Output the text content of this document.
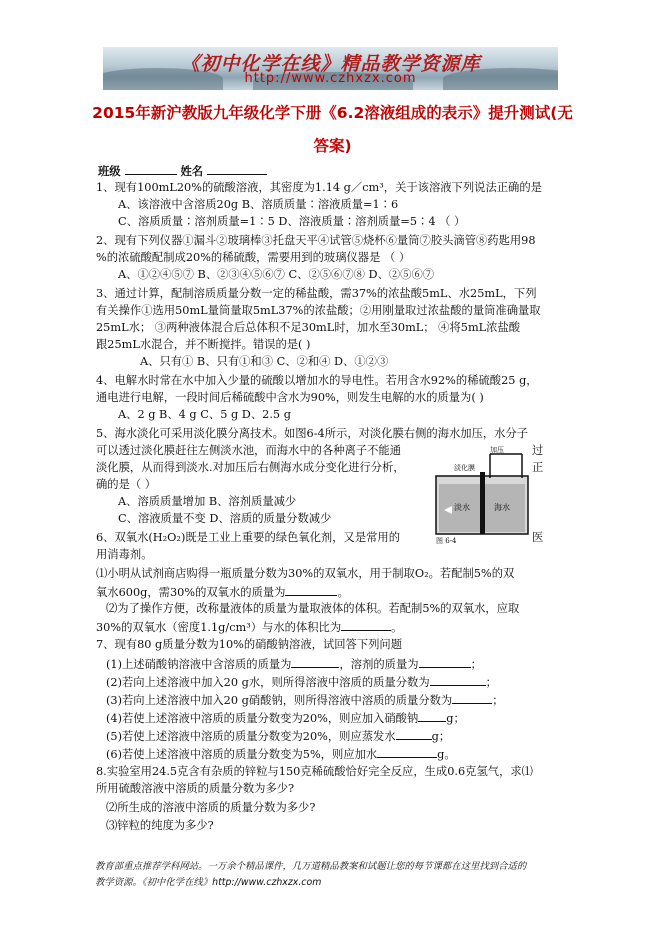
《初中化学在线》精品教学资源库
http://www.czhxzx.com
2015年新沪教版九年级化学下册《6.2溶液组成的表示》提升测试(无
答案)
班级	姓名
1、现有100mL20%的硫酸溶液，其密度为1.14 g／cm³，关于该溶液下列说法正确的是
A、该溶液中含溶质20g B、溶质质量∶溶液质量=1∶6
C、溶质质量∶溶剂质量=1∶5 D、溶液质量∶溶剂质量=5∶4 （ ）
2、现有下列仪器①漏斗②玻璃棒③托盘天平④试管⑤烧杯⑥量筒⑦胶头滴管⑧药匙用98
%的浓硫酸配制成20%的稀硫酸，需要用到的玻璃仪器是 （ ）
A、①②④⑤⑦ B、②③④⑤⑥⑦ C、②⑤⑥⑦⑧ D、②⑤⑥⑦
3、通过计算，配制溶质质量分数一定的稀盐酸，需37%的浓盐酸5mL、水25mL，下列
有关操作①选用50mL量筒量取5mL37%的浓盐酸；②用刚量取过浓盐酸的量筒准确量取
25mL水； ③两种液体混合后总体积不足30mL时，加水至30mL； ④将5mL浓盐酸
跟25mL水混合，并不断搅拌。错误的是( )
A、只有① B、只有①和③ C、②和④ D、①②③
4、电解水时常在水中加入少量的硫酸以增加水的导电性。若用含水92%的稀硫酸25 g，
通电进行电解，一段时间后稀硫酸中含水为90%，则发生电解的水的质量为( )
A、2 g B、4 g C、5 g D、2.5 g
5、海水淡化可采用淡化膜分离技术。如图6-4所示，对淡化膜右侧的海水加压，水分子
可以透过淡化膜赶往左侧淡水池，而海水中的各种离子不能通	过
淡化膜，从而得到淡水.对加压后右侧海水成分变化进行分析，	正
确的是（ ）
A、溶质质量增加 B、溶剂质量减少
C、溶液质量不变 D、溶质的质量分数减少
加压
淡化膜
淡水	海水
图 6-4
6、双氧水(H₂O₂)既是工业上重要的绿色氧化剂，又是常用的	医
用消毒剂。
⑴小明从试剂商店购得一瓶质量分数为30%的双氧水，用于制取O₂。若配制5%的双
氧水600g，需30%的双氧水的质量为	。
⑵为了操作方便，改称量液体的质量为量取液体的体积。若配制5%的双氧水，应取
30%的双氧水（密度1.1g/cm³）与水的体积比为	。
7、现有80 g质量分数为10%的硝酸钠溶液，试回答下列问题
(1)上述硝酸钠溶液中含溶质的质量为	，溶剂的质量为	；
(2)若向上述溶液中加入20 g水，则所得溶液中溶质的质量分数为	；
(3)若向上述溶液中加入20 g硝酸钠，则所得溶液中溶质的质量分数为	；
(4)若使上述溶液中溶质的质量分数变为20%，则应加入硝酸钠 g；
(5)若使上述溶液中溶质的质量分数变为20%，则应蒸发水	g；
(6)若使上述溶液中溶质的质量分数变为5%，则应加水	g。
8.实验室用24.5克含有杂质的锌粒与150克稀硫酸恰好完全反应，生成0.6克氢气，求⑴
所用硫酸溶液中溶质的质量分数为多少?
⑵所生成的溶液中溶质的质量分数为多少?
⑶锌粒的纯度为多少?
教育部重点推荐学科网站。一万余个精品课件，几万道精品教案和试题让您的每节课都在这里找到合适的
教学资源。《初中化学在线》http://www.czhxzx.com
